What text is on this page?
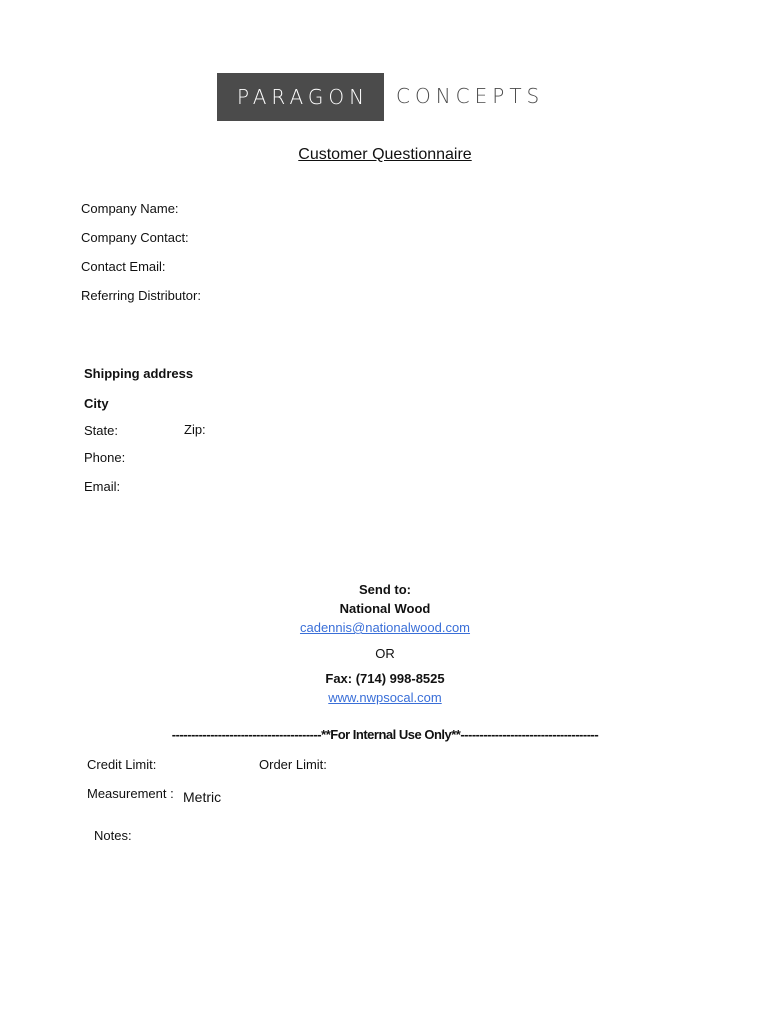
PARAGON CONCEPTS
Customer Questionnaire
Company Name:
Company Contact:
Contact Email:
Referring Distributor:
Shipping address
City
State:	Zip:
Phone:
Email:
Send to:
National Wood
cadennis@nationalwood.com
OR
Fax: (714) 998-8525
www.nwpsocal.com
---------------------------------------**For Internal Use Only**------------------------------------
Credit Limit:	Order Limit:
Measurement : Metric
Notes:
